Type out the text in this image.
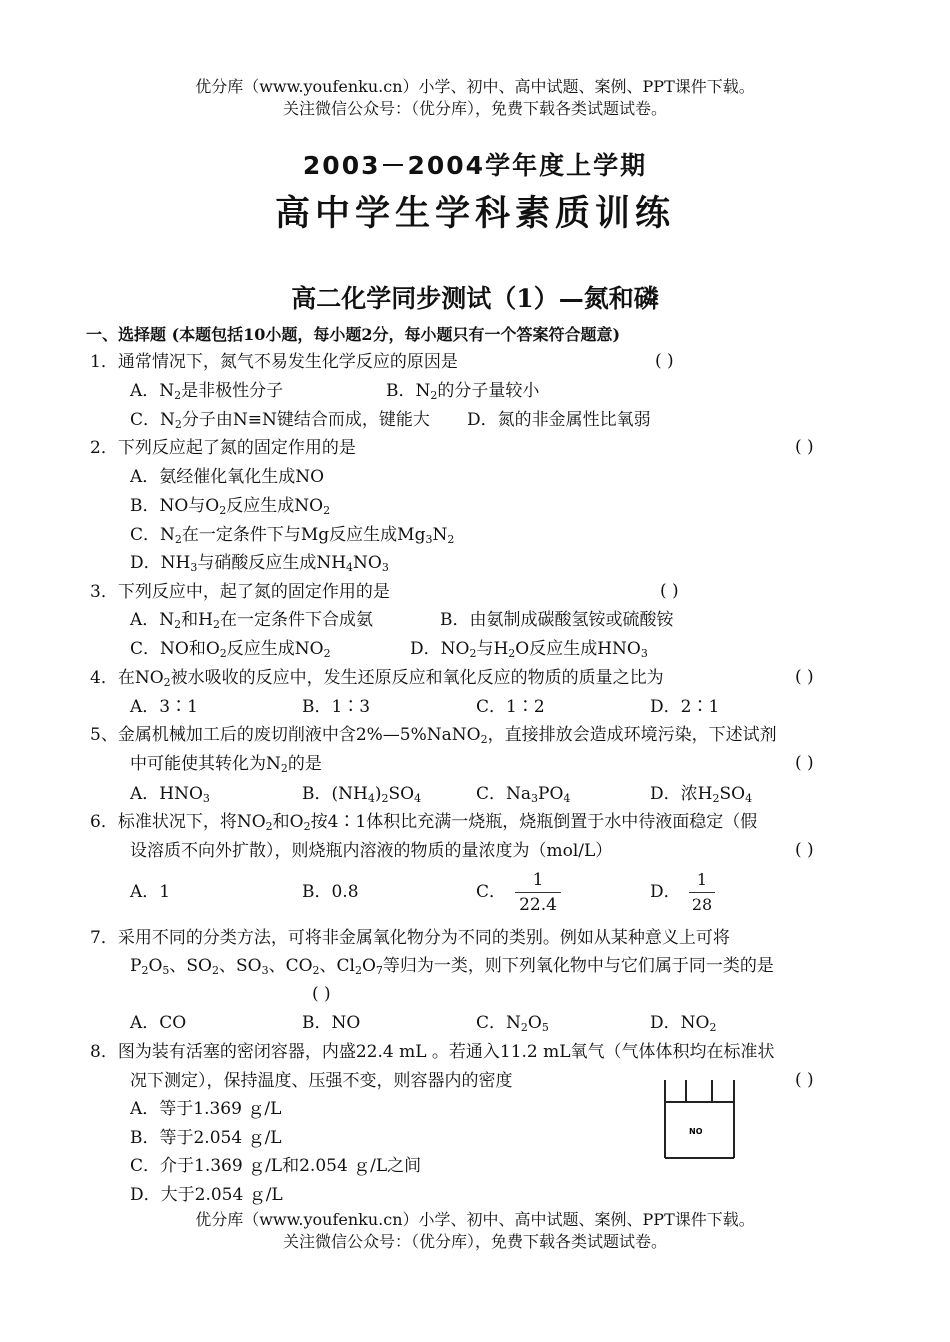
优分库（www.youfenku.cn）小学、初中、高中试题、案例、PPT课件下载。
关注微信公众号：（优分库），免费下载各类试题试卷。
2003－2004学年度上学期
高中学生学科素质训练
高二化学同步测试（1）—氮和磷
一、选择题 (本题包括10小题，每小题2分，每小题只有一个答案符合题意)
1．通常情况下，氮气不易发生化学反应的原因是	( )
A．$N_2$是非极性分子	B．$N_2$的分子量较小
C．$N_2$分子由N≡N键结合而成，键能大 D．氮的非金属性比氧弱
2．下列反应起了氮的固定作用的是	( )
A．氨经催化氧化生成NO
B．NO与$O_2$反应生成$NO_2$
C．$N_2$在一定条件下与Mg反应生成$Mg_3N_2$
D．$NH_3$与硝酸反应生成$NH_4NO_3$
3．下列反应中，起了氮的固定作用的是	( )
A．$N_2$和$H_2$在一定条件下合成氨	B．由氨制成碳酸氢铵或硫酸铵
C．NO和$O_2$反应生成$NO_2$	D．$NO_2$与$H_2O$反应生成$HNO_3$
4．在$NO_2$被水吸收的反应中，发生还原反应和氧化反应的物质的质量之比为	( )
A．3∶1	B．1∶3	C．1∶2	D．2∶1
5、金属机械加工后的废切削液中含2%—5%NaNO$_2$，直接排放会造成环境污染，下述试剂
中可能使其转化为$N_2$的是	( )
A．$HNO_3$	B．$(NH_4)_2SO_4$	C．$Na_3PO_4$	D．浓$H_2SO_4$
6．标准状况下，将$NO_2$和$O_2$按4∶1体积比充满一烧瓶，烧瓶倒置于水中待液面稳定（假
设溶质不向外扩散），则烧瓶内溶液的物质的量浓度为（mol/L）	( )
A．1	B．0.8	C．
1
22.4
D．
1
28
7．采用不同的分类方法，可将非金属氧化物分为不同的类别。例如从某种意义上可将
$P_2O_5$、$SO_2$、$SO_3$、$CO_2$、$Cl_2O_7$等归为一类，则下列氧化物中与它们属于同一类的是
( )
A．CO	B．NO	C．$N_2O_5$	D．$NO_2$
8．图为装有活塞的密闭容器，内盛22.4 mL 。若通入11.2 mL氧气（气体体积均在标准状
况下测定），保持温度、压强不变，则容器内的密度	( )
A．等于1.369 ｇ/L
B．等于2.054 ｇ/L
C．介于1.369 ｇ/L和2.054 ｇ/L之间
D．大于2.054 ｇ/L
NO
优分库（www.youfenku.cn）小学、初中、高中试题、案例、PPT课件下载。
关注微信公众号：（优分库），免费下载各类试题试卷。
